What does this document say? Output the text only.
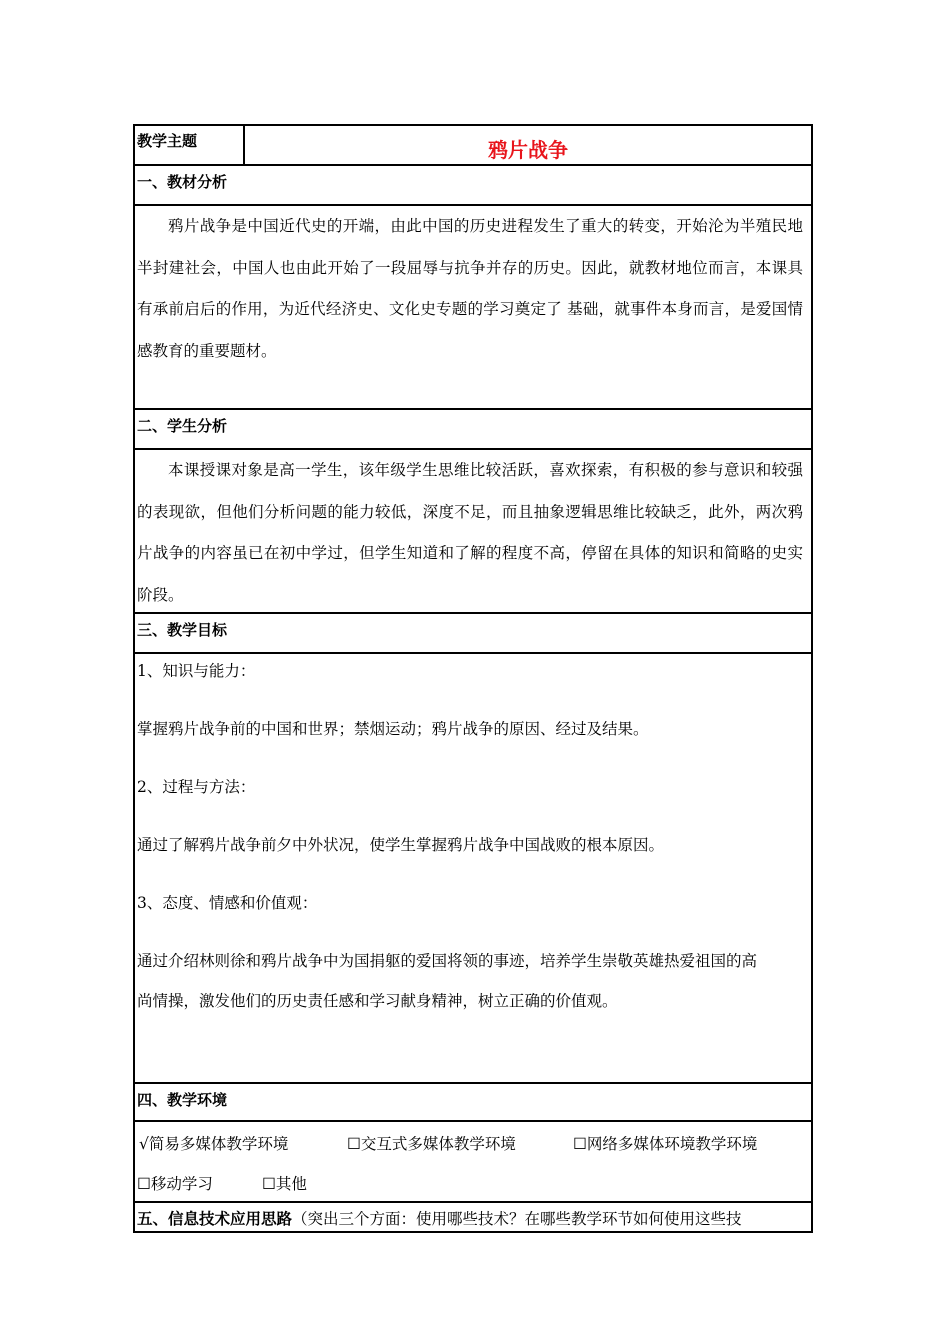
教学主题	鸦片战争
一、教材分析
鸦片战争是中国近代史的开端，由此中国的历史进程发生了重大的转变，开始沦为半殖民地半封建社会，中国人也由此开始了一段屈辱与抗争并存的历史。因此，就教材地位而言，本课具有承前启后的作用，为近代经济史、文化史专题的学习奠定了 基础，就事件本身而言，是爱国情感教育的重要题材。
二、学生分析
本课授课对象是高一学生，该年级学生思维比较活跃，喜欢探索，有积极的参与意识和较强的表现欲，但他们分析问题的能力较低，深度不足，而且抽象逻辑思维比较缺乏，此外，两次鸦片战争的内容虽已在初中学过，但学生知道和了解的程度不高，停留在具体的知识和简略的史实阶段。
三、教学目标
1、知识与能力：
掌握鸦片战争前的中国和世界；禁烟运动；鸦片战争的原因、经过及结果。
2、过程与方法：
通过了解鸦片战争前夕中外状况，使学生掌握鸦片战争中国战败的根本原因。
3、态度、情感和价值观：
通过介绍林则徐和鸦片战争中为国捐躯的爱国将领的事迹，培养学生崇敬英雄热爱祖国的高
尚情操，激发他们的历史责任感和学习献身精神，树立正确的价值观。
四、教学环境
√简易多媒体教学环境	☐交互式多媒体教学环境	☐网络多媒体环境教学环境
☐移动学习	☐其他
五、信息技术应用思路（突出三个方面：使用哪些技术？在哪些教学环节如何使用这些技
